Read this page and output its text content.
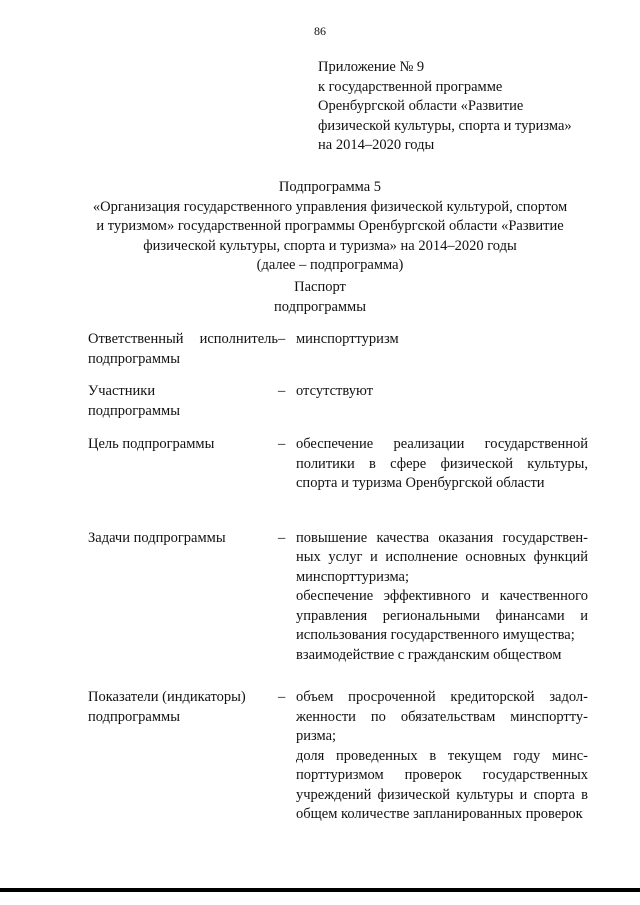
86
Приложение № 9
к государственной программе
Оренбургской области «Развитие
физической культуры, спорта и туризма»
на 2014–2020 годы
Подпрограмма 5
«Организация государственного управления физической культурой, спортом
и туризмом» государственной программы Оренбургской области «Развитие
физической культуры, спорта и туризма» на 2014–2020 годы
(далее – подпрограмма)
Паспорт
подпрограммы
Ответственный исполнитель
подпрограммы
– минспорттуризм
Участники
подпрограммы
– отсутствуют
Цель подпрограммы	– обеспечение реализации государственной политики в сфере физической культуры, спорта и туризма Оренбургской области
Задачи подпрограммы	– повышение качества оказания государственных услуг и исполнение основных функций минспорттуризма;
обеспечение эффективного и качественного управления региональными финансами и использования государственного имущества;
взаимодействие с гражданским обществом
Показатели (индикаторы)
подпрограммы
– объем просроченной кредиторской задолженности по обязательствам минспорттуризма;
доля проведенных в текущем году минспорттуризмом проверок государственных учреждений физической культуры и спорта в общем количестве запланированных проверок
